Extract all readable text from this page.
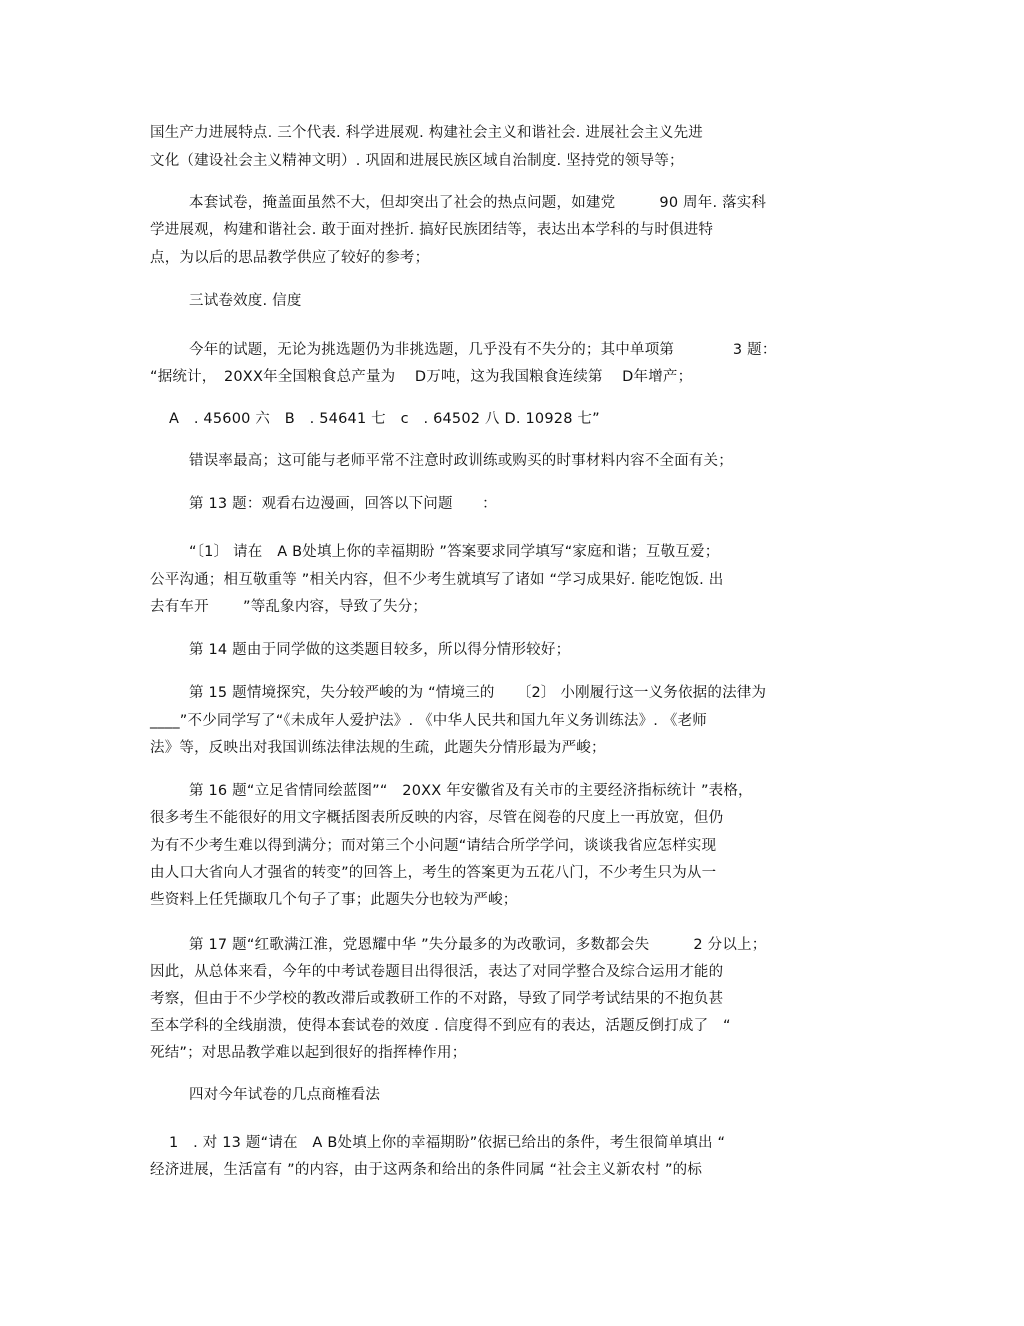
国生产力进展特点. 三个代表. 科学进展观. 构建社会主义和谐社会. 进展社会主义先进
文化（建设社会主义精神文明）. 巩固和进展民族区域自治制度. 坚持党的领导等；
本套试卷，掩盖面虽然不大，但却突出了社会的热点问题，如建党　　　90 周年. 落实科
学进展观，构建和谐社会. 敢于面对挫折. 搞好民族团结等，表达出本学科的与时俱进特
点，为以后的思品教学供应了较好的参考；
三试卷效度. 信度
今年的试题，无论为挑选题仍为非挑选题，几乎没有不失分的；其中单项第　　　　3 题：
“据统计，　20XX年全国粮食总产量为　 D万吨，这为我国粮食连续第　 D年增产；
A　. 45600 六　B　. 54641 七　c　. 64502 八 D. 10928 七”
错误率最高；这可能与老师平常不注意时政训练或购买的时事材料内容不全面有关；
第 13 题：观看右边漫画，回答以下问题　　：
“〔1〕 请在　A B处填上你的幸福期盼 ”答案要求同学填写“家庭和谐；互敬互爱；
公平沟通；相互敬重等 ”相关内容，但不少考生就填写了诸如 “学习成果好. 能吃饱饭. 出
去有车开　　 ”等乱象内容，导致了失分；
第 14 题由于同学做的这类题目较多，所以得分情形较好；
第 15 题情境探究，失分较严峻的为 “情境三的　　〔2〕 小刚履行这一义务依据的法律为
____”不少同学写了“《未成年人爱护法》. 《中华人民共和国九年义务训练法》. 《老师
法》等，反映出对我国训练法律法规的生疏，此题失分情形最为严峻；
第 16 题“立足省情同绘蓝图”“　20XX 年安徽省及有关市的主要经济指标统计 ”表格，
很多考生不能很好的用文字概括图表所反映的内容，尽管在阅卷的尺度上一再放宽，但仍
为有不少考生难以得到满分；而对第三个小问题“请结合所学学问，谈谈我省应怎样实现
由人口大省向人才强省的转变”的回答上，考生的答案更为五花八门，不少考生只为从一
些资料上任凭撷取几个句子了事；此题失分也较为严峻；
第 17 题“红歌满江淮，党恩耀中华 ”失分最多的为改歌词，多数都会失　　　2 分以上；
因此，从总体来看，今年的中考试卷题目出得很活，表达了对同学整合及综合运用才能的
考察，但由于不少学校的教改滞后或教研工作的不对路，导致了同学考试结果的不抱负甚
至本学科的全线崩溃，使得本套试卷的效度 . 信度得不到应有的表达，活题反倒打成了　“
死结”；对思品教学难以起到很好的指挥棒作用；
四对今年试卷的几点商榷看法
1　. 对 13 题“请在　A B处填上你的幸福期盼”依据已给出的条件，考生很简单填出 “
经济进展，生活富有 ”的内容，由于这两条和给出的条件同属 “社会主义新农村 ”的标
